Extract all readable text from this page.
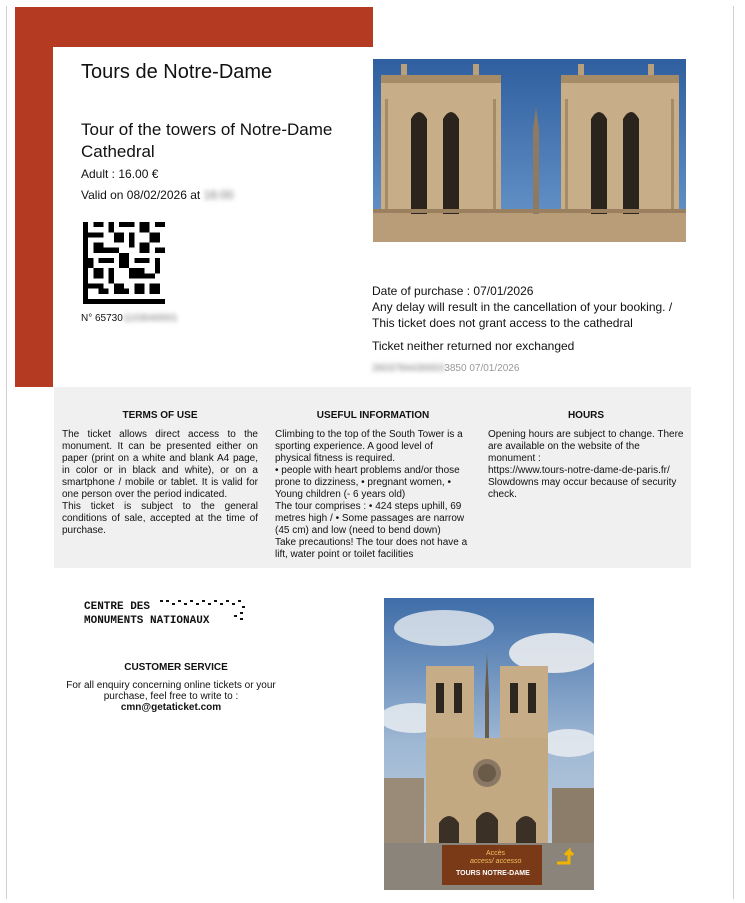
Tours de Notre-Dame
Tour of the towers of Notre-Dame Cathedral
Adult : 16.00 €
Valid on 08/02/2026 at 16:00
N° 657301103040001
Date of purchase : 07/01/2026
Any delay will result in the cancellation of your booking. /
This ticket does not grant access to the cathedral
Ticket neither returned nor exchanged
26037844300033850 07/01/2026
TERMS OF USE

The ticket allows direct access to the monument. It can be presented either on paper (print on a white and blank A4 page, in color or in black and white), or on a smartphone / mobile or tablet. It is valid for one person over the period indicated.

This ticket is subject to the general conditions of sale, accepted at the time of purchase.

USEFUL INFORMATION

Climbing to the top of the South Tower is a sporting experience. A good level of physical fitness is required.

• people with heart problems and/or those prone to dizziness, • pregnant women, • Young children (- 6 years old)

The tour comprises : • 424 steps uphill, 69 metres high / • Some passages are narrow (45 cm) and low (need to bend down)

Take precautions! The tour does not have a lift, water point or toilet facilities

HOURS

Opening hours are subject to change. There are available on the website of the monument :

https://www.tours-notre-dame-de-paris.fr/

Slowdowns may occur because of security check.

CENTRE DES
MONUMENTS NATIONAUX
CUSTOMER SERVICE
For all enquiry concerning online tickets or your purchase, feel free to write to :
cmn@getaticket.com
Accès
access/ accesso
TOURS NOTRE-DAME
